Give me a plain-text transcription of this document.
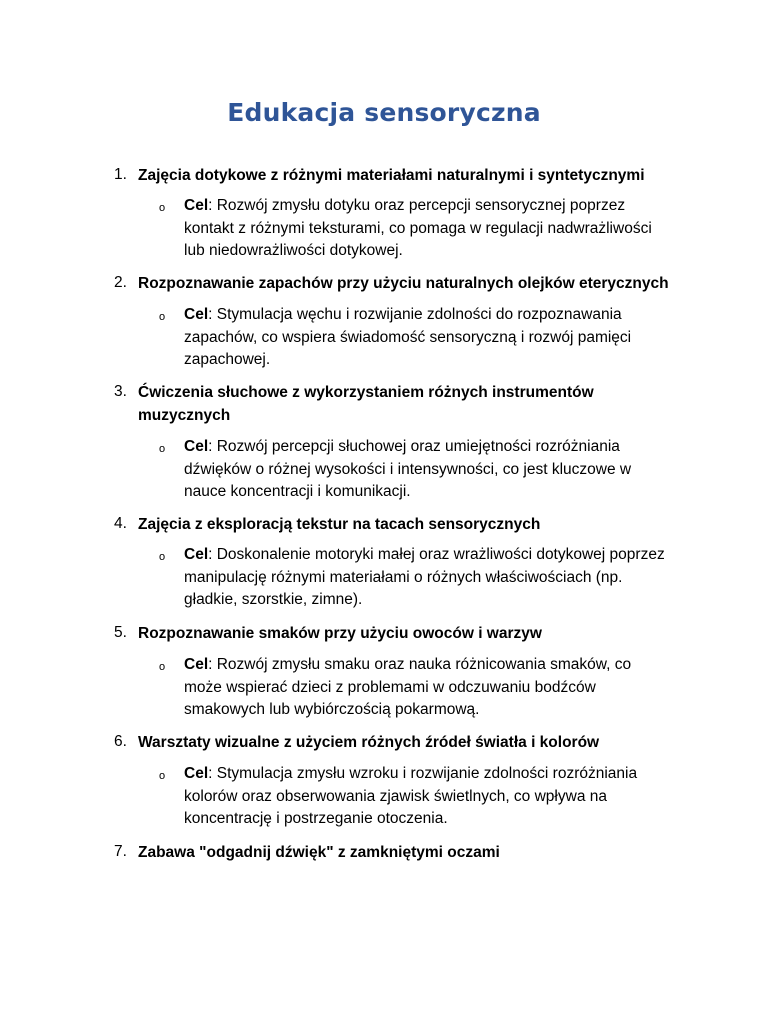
Edukacja sensoryczna
1. Zajęcia dotykowe z różnymi materiałami naturalnymi i syntetycznymi
o Cel: Rozwój zmysłu dotyku oraz percepcji sensorycznej poprzez kontakt z różnymi teksturami, co pomaga w regulacji nadwrażliwości lub niedowrażliwości dotykowej.
2. Rozpoznawanie zapachów przy użyciu naturalnych olejków eterycznych
o Cel: Stymulacja węchu i rozwijanie zdolności do rozpoznawania zapachów, co wspiera świadomość sensoryczną i rozwój pamięci zapachowej.
3. Ćwiczenia słuchowe z wykorzystaniem różnych instrumentów muzycznych
o Cel: Rozwój percepcji słuchowej oraz umiejętności rozróżniania dźwięków o różnej wysokości i intensywności, co jest kluczowe w nauce koncentracji i komunikacji.
4. Zajęcia z eksploracją tekstur na tacach sensorycznych
o Cel: Doskonalenie motoryki małej oraz wrażliwości dotykowej poprzez manipulację różnymi materiałami o różnych właściwościach (np. gładkie, szorstkie, zimne).
5. Rozpoznawanie smaków przy użyciu owoców i warzyw
o Cel: Rozwój zmysłu smaku oraz nauka różnicowania smaków, co może wspierać dzieci z problemami w odczuwaniu bodźców smakowych lub wybiórczością pokarmową.
6. Warsztaty wizualne z użyciem różnych źródeł światła i kolorów
o Cel: Stymulacja zmysłu wzroku i rozwijanie zdolności rozróżniania kolorów oraz obserwowania zjawisk świetlnych, co wpływa na koncentrację i postrzeganie otoczenia.
7. Zabawa "odgadnij dźwięk" z zamkniętymi oczami
